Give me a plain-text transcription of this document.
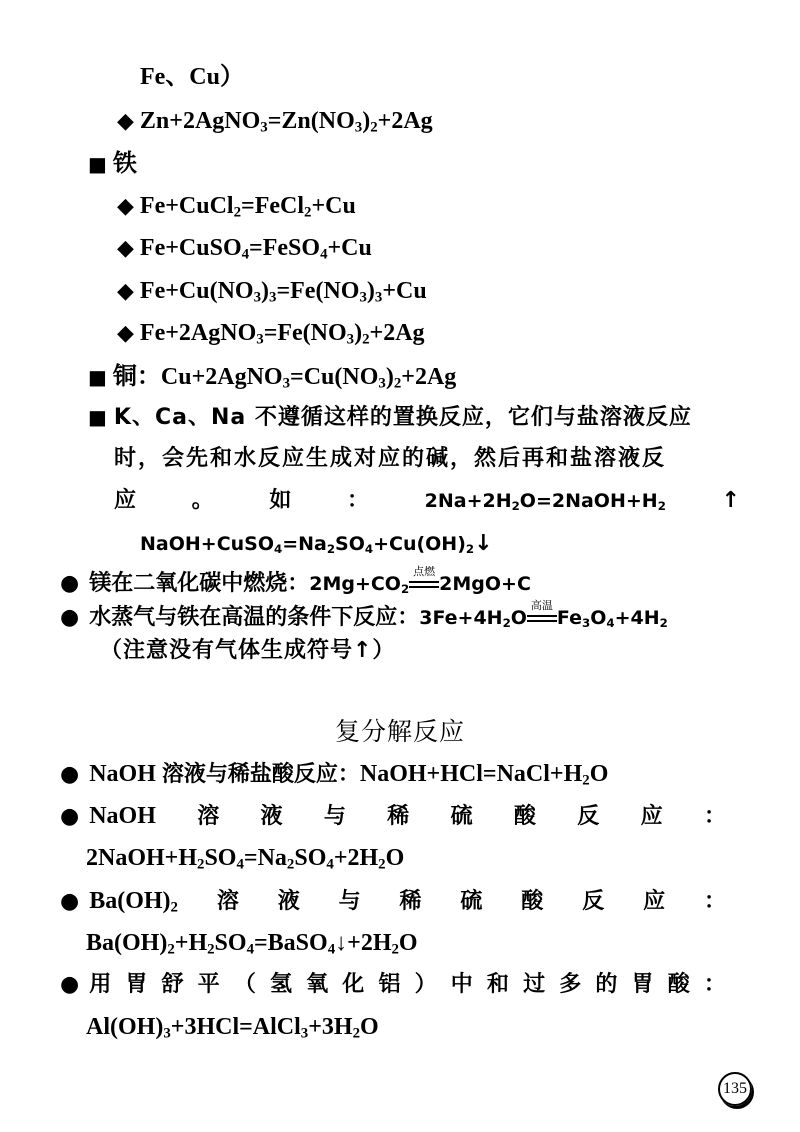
Fe、Cu）
◆ $Zn+2AgNO_3=Zn(NO_3)_2+2Ag$
■ 铁
◆ Fe+CuCl$_2$=FeCl$_2$+Cu
◆ Fe+CuSO$_4$=FeSO$_4$+Cu
◆ $Fe+Cu(NO_3)_3=Fe(NO_3)_3+Cu$
◆ $Fe+2AgNO_3=Fe(NO_3)_2+2Ag$
■ 铜：$Cu+2AgNO_3=Cu(NO_3)_2+2Ag$
■ K、Ca、Na 不遵循这样的置换反应，它们与盐溶液反应
时，会先和水反应生成对应的碱，然后再和盐溶液反
应	。	如	：	$2Na+2H_2O=2NaOH+H_2$	↑
$NaOH+CuSO_4=Na_2SO_4+Cu(OH)_2↓$
● 镁在二氧化碳中燃烧：$2Mg+CO_2$
点燃
2MgO+C
● 水蒸气与铁在高温的条件下反应：$3Fe+4H_2O$
高温
$Fe_3O_4+4H_2$
（注意没有气体生成符号↑）
复分解反应
● NaOH 溶液与稀盐酸反应：$NaOH+HCl=NaCl+H_2O$
● NaOH 溶 液 与 稀 硫 酸 反 应 ：
$2NaOH+H_2SO_4=Na_2SO_4+2H_2O$
● $Ba(OH)_2$ 溶 液 与 稀 硫 酸 反 应 ：
$Ba(OH)_2+H_2SO_4=BaSO_4↓+2H_2O$
● 用 胃 舒 平 （ 氢 氧 化 铝 ） 中 和 过 多 的 胃 酸 ：
$Al(OH)_3+3HCl=AlCl_3+3H_2O$
135
